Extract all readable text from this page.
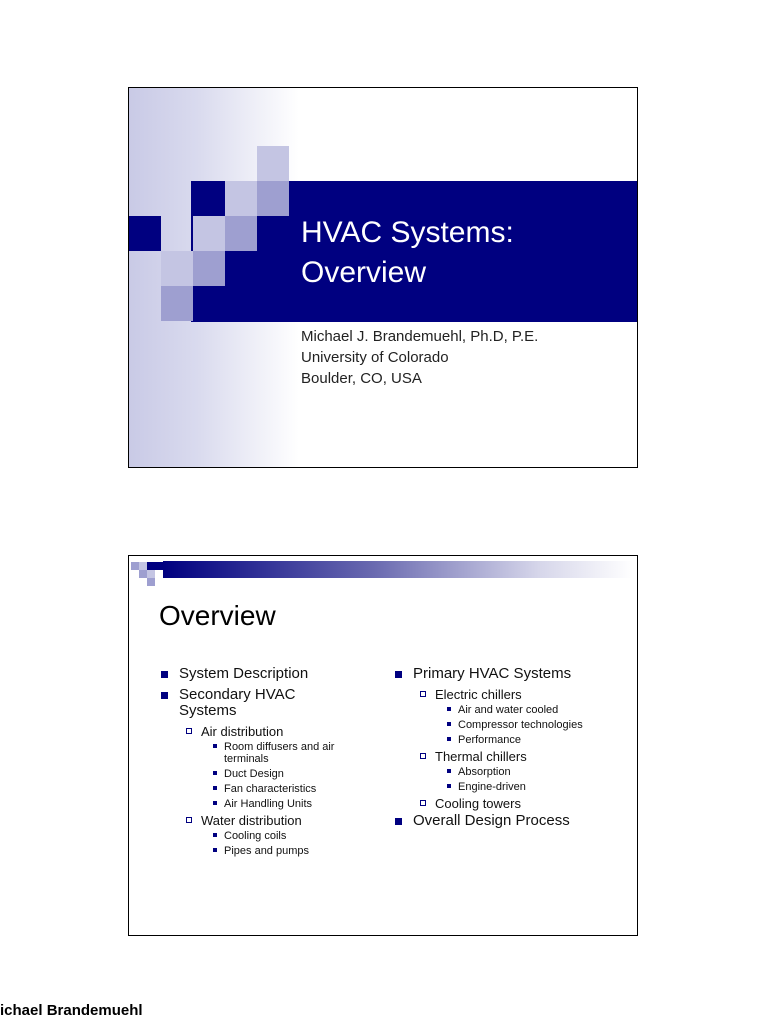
HVAC Systems:
Overview
Michael J. Brandemuehl, Ph.D, P.E.
University of Colorado
Boulder, CO, USA
Overview
System Description
Secondary HVAC Systems
Air distribution
Room diffusers and air terminals
Duct Design
Fan characteristics
Air Handling Units
Water distribution
Cooling coils
Pipes and pumps
Primary HVAC Systems
Electric chillers
Air and water cooled
Compressor technologies
Performance
Thermal chillers
Absorption
Engine-driven
Cooling towers
Overall Design Process
ichael Brandemuehl
